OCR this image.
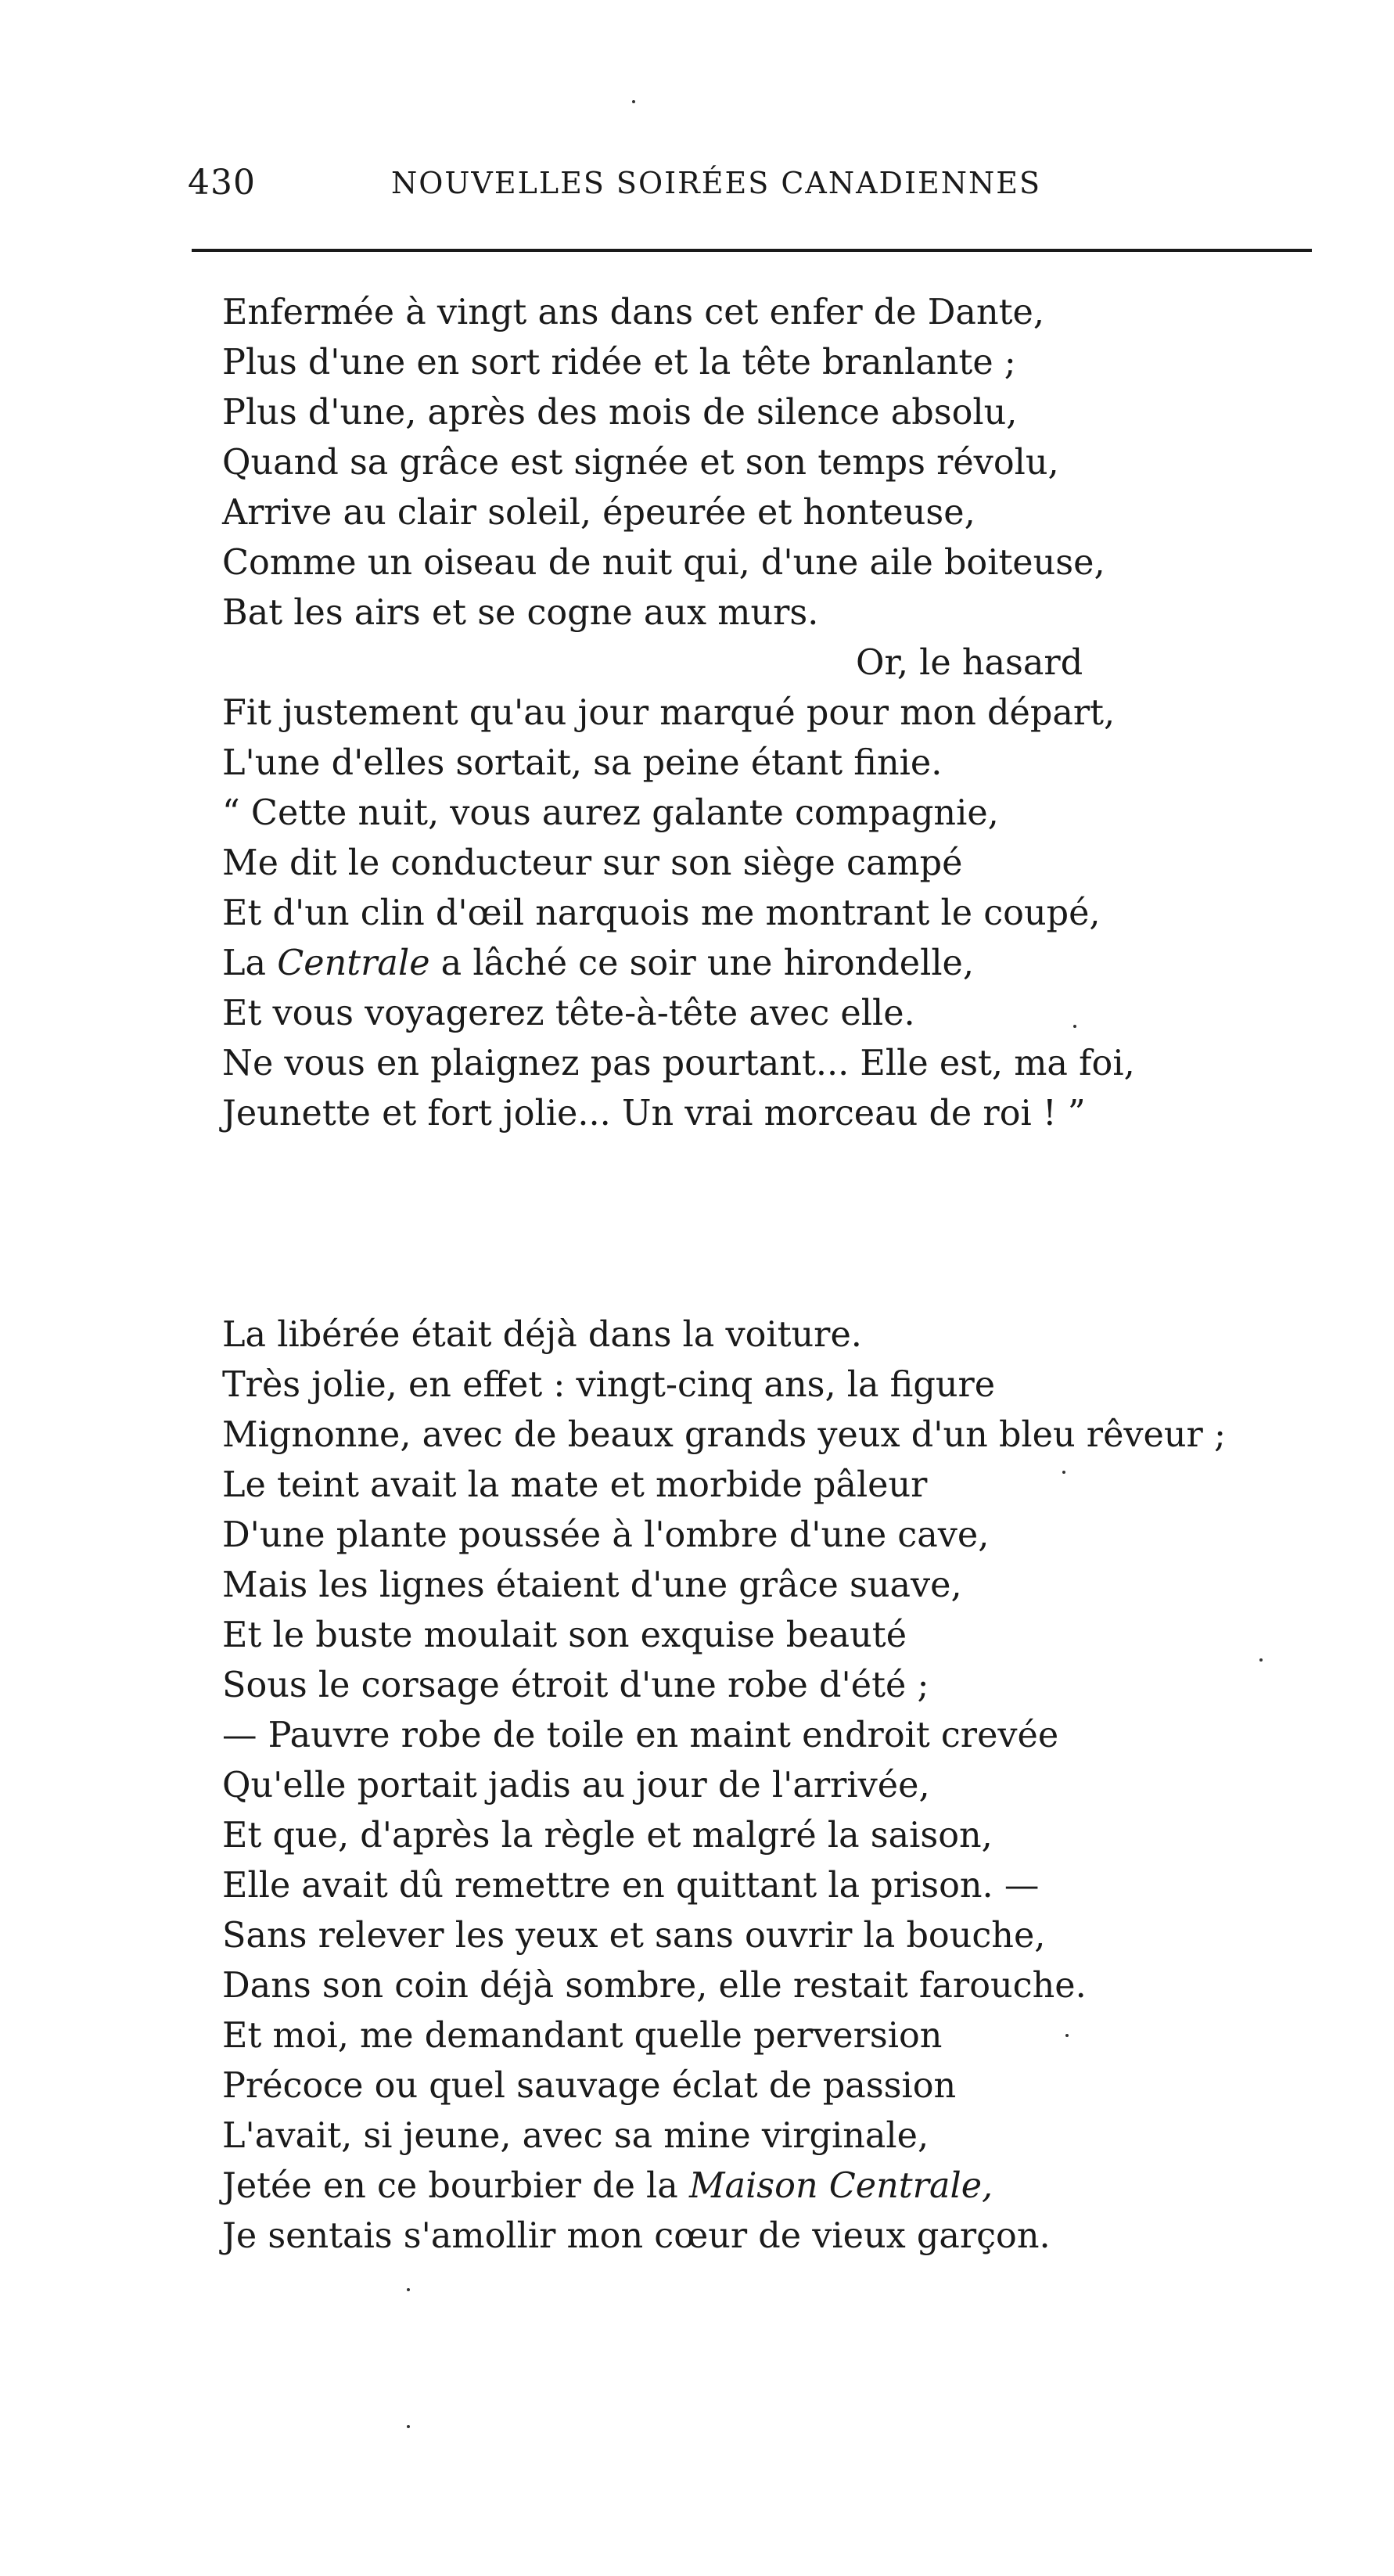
430	NOUVELLES SOIRÉES CANADIENNES
Enfermée à vingt ans dans cet enfer de Dante,
Plus d'une en sort ridée et la tête branlante ;
Plus d'une, après des mois de silence absolu,
Quand sa grâce est signée et son temps révolu,
Arrive au clair soleil, épeurée et honteuse,
Comme un oiseau de nuit qui, d'une aile boiteuse,
Bat les airs et se cogne aux murs.
Or, le hasard
Fit justement qu'au jour marqué pour mon départ,
L'une d'elles sortait, sa peine étant finie.
“ Cette nuit, vous aurez galante compagnie,
Me dit le conducteur sur son siège campé
Et d'un clin d'œil narquois me montrant le coupé,
La Centrale a lâché ce soir une hirondelle,
Et vous voyagerez tête-à-tête avec elle.
Ne vous en plaignez pas pourtant... Elle est, ma foi,
Jeunette et fort jolie... Un vrai morceau de roi ! ”
La libérée était déjà dans la voiture.
Très jolie, en effet : vingt-cinq ans, la figure
Mignonne, avec de beaux grands yeux d'un bleu rêveur ;
Le teint avait la mate et morbide pâleur
D'une plante poussée à l'ombre d'une cave,
Mais les lignes étaient d'une grâce suave,
Et le buste moulait son exquise beauté
Sous le corsage étroit d'une robe d'été ;
— Pauvre robe de toile en maint endroit crevée
Qu'elle portait jadis au jour de l'arrivée,
Et que, d'après la règle et malgré la saison,
Elle avait dû remettre en quittant la prison. —
Sans relever les yeux et sans ouvrir la bouche,
Dans son coin déjà sombre, elle restait farouche.
Et moi, me demandant quelle perversion
Précoce ou quel sauvage éclat de passion
L'avait, si jeune, avec sa mine virginale,
Jetée en ce bourbier de la Maison Centrale,
Je sentais s'amollir mon cœur de vieux garçon.
